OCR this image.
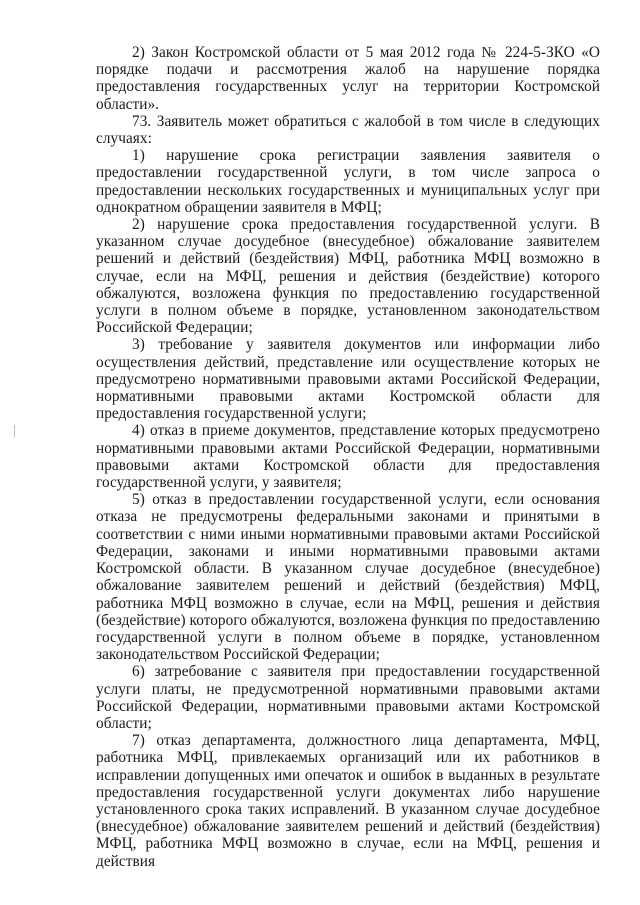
2) Закон Костромской области от 5 мая 2012 года № 224-5-ЗКО «О порядке подачи и рассмотрения жалоб на нарушение порядка предоставления государственных услуг на территории Костромской области».

73. Заявитель может обратиться с жалобой в том числе в следующих случаях:

1) нарушение срока регистрации заявления заявителя о предоставлении государственной услуги, в том числе запроса о предоставлении нескольких государственных и муниципальных услуг при однократном обращении заявителя в МФЦ;

2) нарушение срока предоставления государственной услуги. В указанном случае досудебное (внесудебное) обжалование заявителем решений и действий (бездействия) МФЦ, работника МФЦ возможно в случае, если на МФЦ, решения и действия (бездействие) которого обжалуются, возложена функция по предоставлению государственной услуги в полном объеме в порядке, установленном законодательством Российской Федерации;

3) требование у заявителя документов или информации либо осуществления действий, представление или осуществление которых не предусмотрено нормативными правовыми актами Российской Федерации, нормативными правовыми актами Костромской области для предоставления государственной услуги;

4) отказ в приеме документов, представление которых предусмотрено нормативными правовыми актами Российской Федерации, нормативными правовыми актами Костромской области для предоставления государственной услуги, у заявителя;

5) отказ в предоставлении государственной услуги, если основания отказа не предусмотрены федеральными законами и принятыми в соответствии с ними иными нормативными правовыми актами Российской Федерации, законами и иными нормативными правовыми актами Костромской области. В указанном случае досудебное (внесудебное) обжалование заявителем решений и действий (бездействия) МФЦ, работника МФЦ возможно в случае, если на МФЦ, решения и действия (бездействие) которого обжалуются, возложена функция по предоставлению государственной услуги в полном объеме в порядке, установленном законодательством Российской Федерации;

6) затребование с заявителя при предоставлении государственной услуги платы, не предусмотренной нормативными правовыми актами Российской Федерации, нормативными правовыми актами Костромской области;

7) отказ департамента, должностного лица департамента, МФЦ, работника МФЦ, привлекаемых организаций или их работников в исправлении допущенных ими опечаток и ошибок в выданных в результате предоставления государственной услуги документах либо нарушение установленного срока таких исправлений. В указанном случае досудебное (внесудебное) обжалование заявителем решений и действий (бездействия) МФЦ, работника МФЦ возможно в случае, если на МФЦ, решения и действия
